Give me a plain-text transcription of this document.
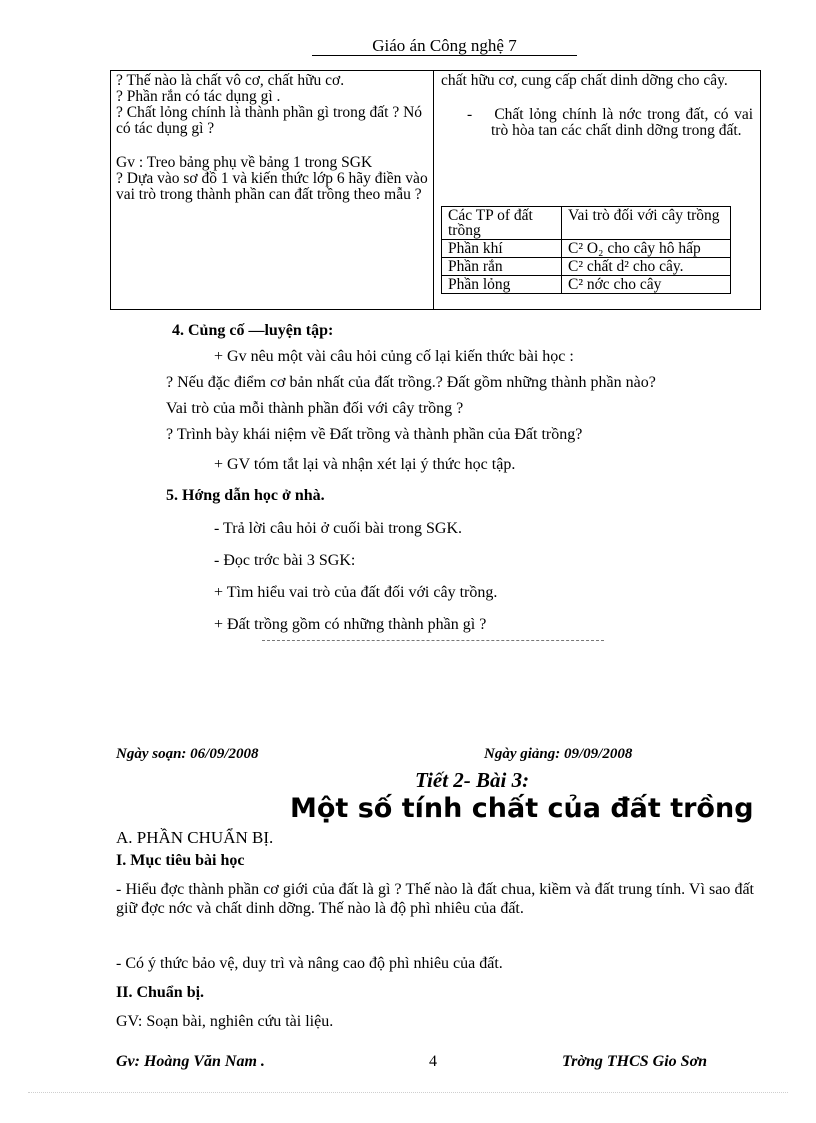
Giáo án Công nghệ 7

? Thế nào là chất vô cơ, chất hữu cơ.

? Phần rắn có tác dụng gì .

? Chất lỏng chính là thành phần gì trong đất ? Nó có tác dụng gì ?

Gv : Treo bảng phụ về bảng 1 trong SGK

? Dựa vào sơ đồ 1 và kiến thức lớp 6 hãy điền vào vai trò trong thành phần can đất trồng theo mẫu ?

chất hữu cơ, cung cấp chất dinh dỡng cho cây.

-    Chất lỏng chính là nớc trong đất, có vai trò hòa tan các chất dinh dỡng trong đất.

Các TP of đất trồng	Vai trò đối với cây trồng
Phần khí	C² O₂ cho cây hô hấp
Phần rắn	C² chất d² cho cây.
Phần lỏng	C² nớc cho cây
4. Củng cố —luyện tập:
+ Gv nêu một vài câu hỏi củng cố lại kiến thức bài học :
? Nếu đặc điểm cơ bản nhất của đất trồng.? Đất gồm những thành phần nào?
Vai trò của mỗi thành phần đối với cây trồng ?
? Trình bày khái niệm về Đất trồng và thành phần của Đất trồng?
+ GV tóm tắt lại và nhận xét lại ý thức học tập.
5. Hớng dẫn học ở nhà.
- Trả lời câu hỏi ở cuối bài trong SGK.
- Đọc trớc bài 3 SGK:
+ Tìm hiểu vai trò của đất đối với cây trồng.
+ Đất trồng gồm có những thành phần gì ?
Ngày soạn: 06/09/2008	Ngày giảng: 09/09/2008
Tiết 2- Bài 3:
Một số tính chất của đất trồng
A. PHẦN CHUẨN BỊ.
I. Mục tiêu bài học
- Hiểu đợc thành phần cơ giới của đất là gì ? Thế nào là đất chua, kiềm và đất trung tính. Vì sao đất giữ đợc nớc và chất dinh dỡng. Thế nào là độ phì nhiêu của đất.
- Có ý thức bảo vệ, duy trì và nâng cao độ phì nhiêu của đất.
II. Chuẩn bị.
GV: Soạn bài, nghiên cứu tài liệu.
Gv: Hoàng Văn Nam .	4	Trờng THCS Gio Sơn
